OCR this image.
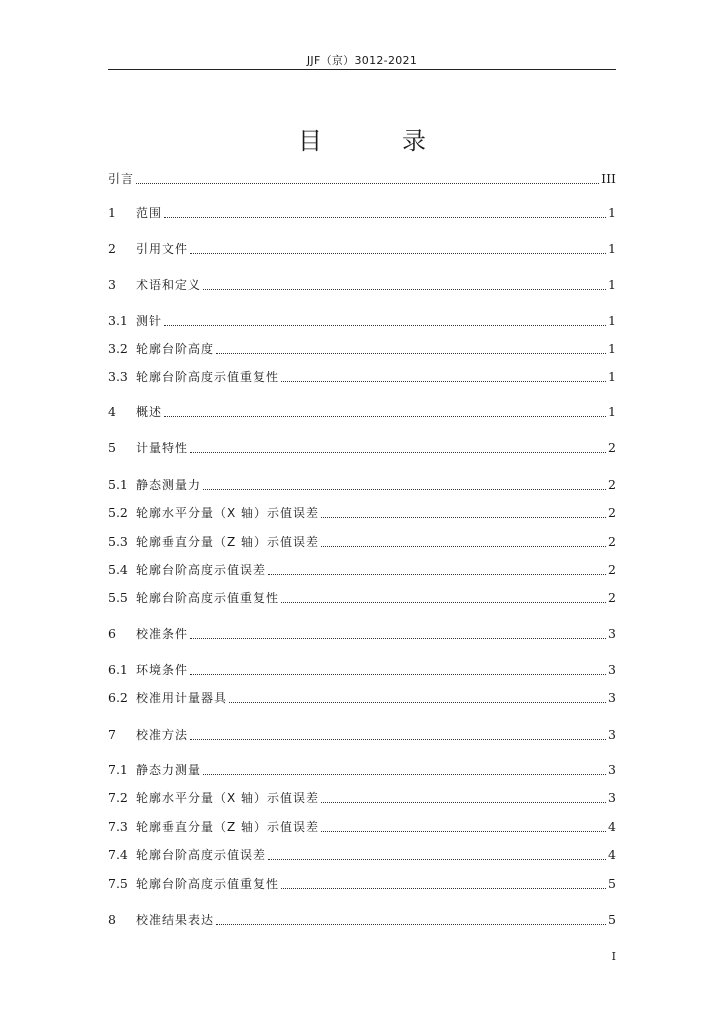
JJF（京）3012-2021
目　录
引言	III
1	范围	1
2	引用文件	1
3	术语和定义	1
3.1 测针	1
3.2 轮廓台阶高度	1
3.3 轮廓台阶高度示值重复性	1
4	概述	1
5	计量特性	2
5.1 静态测量力	2
5.2 轮廓水平分量（X 轴）示值误差	2
5.3 轮廓垂直分量（Z 轴）示值误差	2
5.4 轮廓台阶高度示值误差	2
5.5 轮廓台阶高度示值重复性	2
6	校准条件	3
6.1 环境条件	3
6.2 校准用计量器具	3
7	校准方法	3
7.1 静态力测量	3
7.2 轮廓水平分量（X 轴）示值误差	3
7.3 轮廓垂直分量（Z 轴）示值误差	4
7.4 轮廓台阶高度示值误差	4
7.5 轮廓台阶高度示值重复性	5
8	校准结果表达	5
I
